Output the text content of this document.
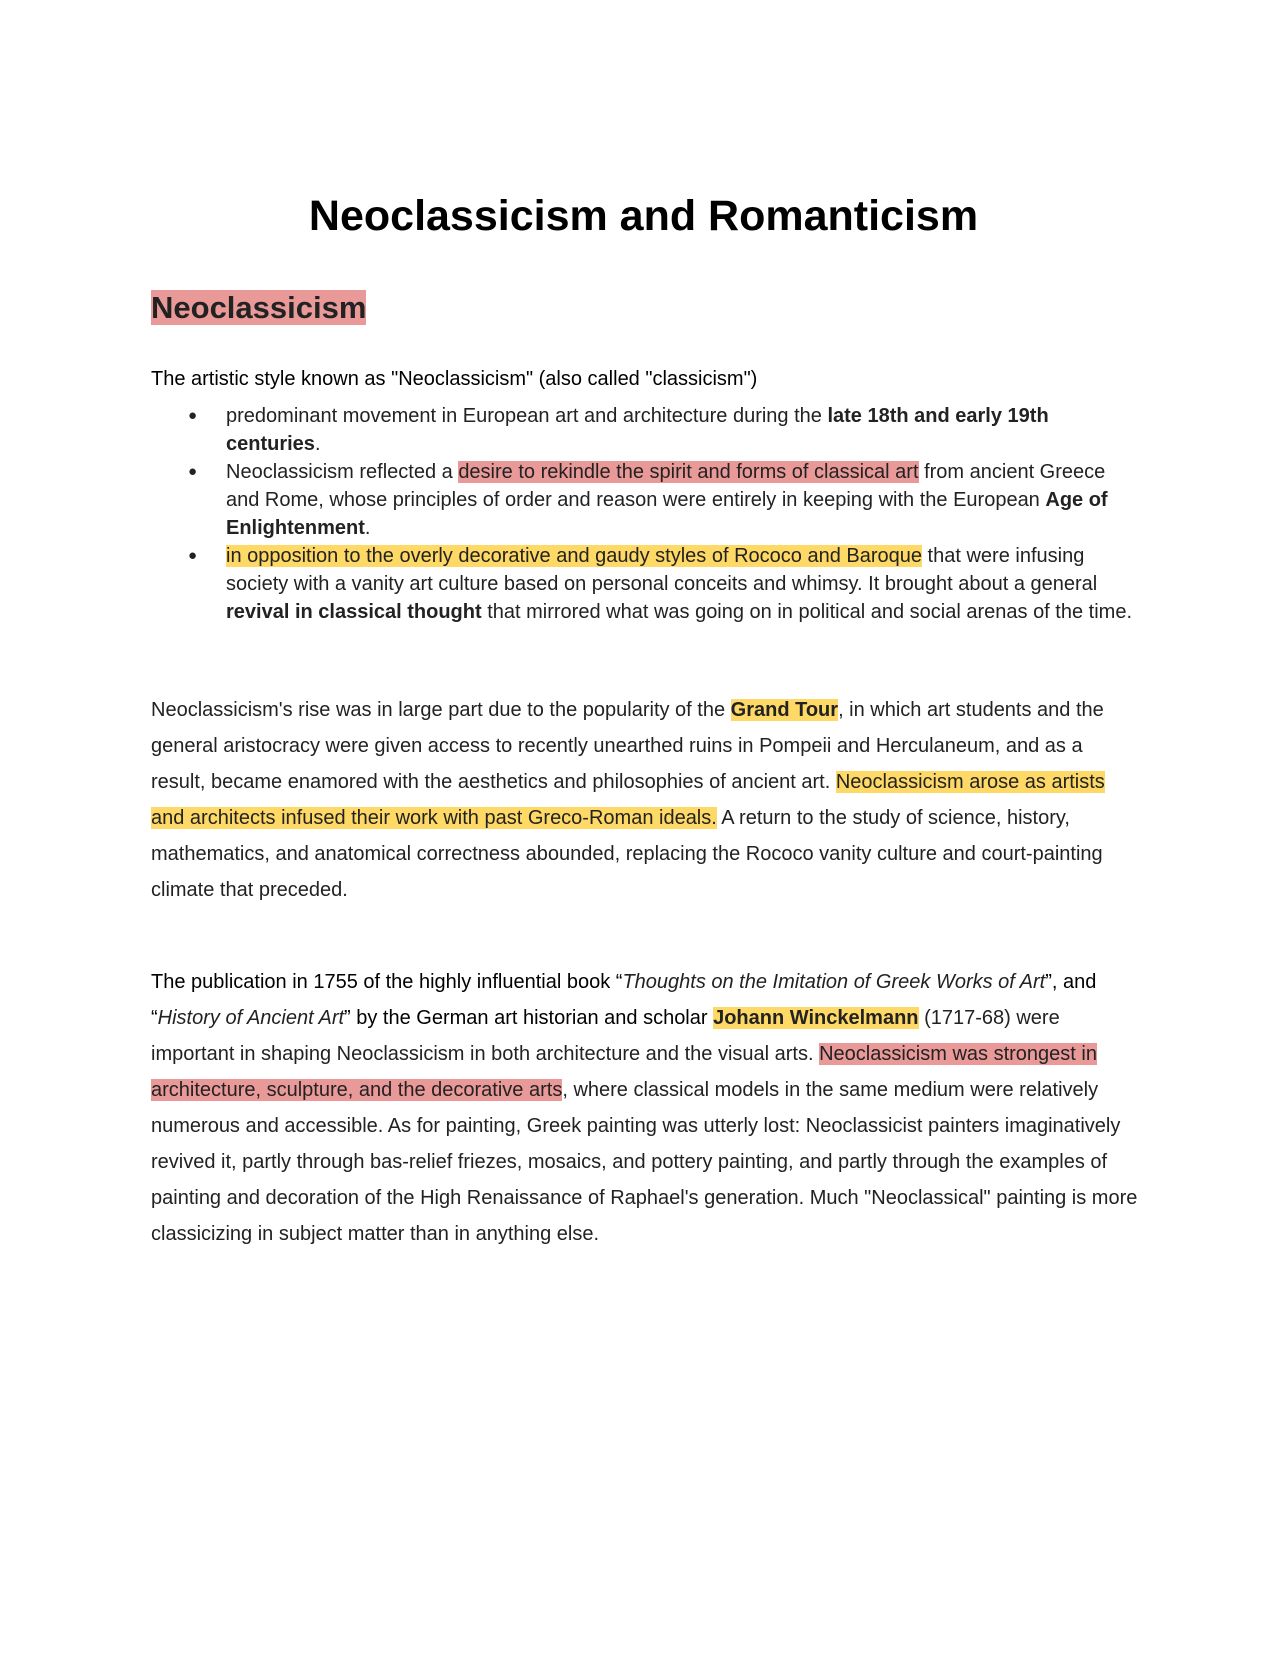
Neoclassicism and Romanticism
Neoclassicism

The artistic style known as "Neoclassicism" (also called "classicism")

● predominant movement in European art and architecture during the late 18th and early 19th centuries.
● Neoclassicism reflected a desire to rekindle the spirit and forms of classical art from ancient Greece and Rome, whose principles of order and reason were entirely in keeping with the European Age of Enlightenment.
● in opposition to the overly decorative and gaudy styles of Rococo and Baroque that were infusing society with a vanity art culture based on personal conceits and whimsy. It brought about a general revival in classical thought that mirrored what was going on in political and social arenas of the time.

Neoclassicism's rise was in large part due to the popularity of the Grand Tour, in which art students and the general aristocracy were given access to recently unearthed ruins in Pompeii and Herculaneum, and as a result, became enamored with the aesthetics and philosophies of ancient art. Neoclassicism arose as artists and architects infused their work with past Greco-Roman ideals. A return to the study of science, history, mathematics, and anatomical correctness abounded, replacing the Rococo vanity culture and court-painting climate that preceded.

The publication in 1755 of the highly influential book “Thoughts on the Imitation of Greek Works of Art”, and “History of Ancient Art” by the German art historian and scholar Johann Winckelmann (1717-68) were important in shaping Neoclassicism in both architecture and the visual arts. Neoclassicism was strongest in architecture, sculpture, and the decorative arts, where classical models in the same medium were relatively numerous and accessible. As for painting, Greek painting was utterly lost: Neoclassicist painters imaginatively revived it, partly through bas-relief friezes, mosaics, and pottery painting, and partly through the examples of painting and decoration of the High Renaissance of Raphael's generation. Much "Neoclassical" painting is more classicizing in subject matter than in anything else.
